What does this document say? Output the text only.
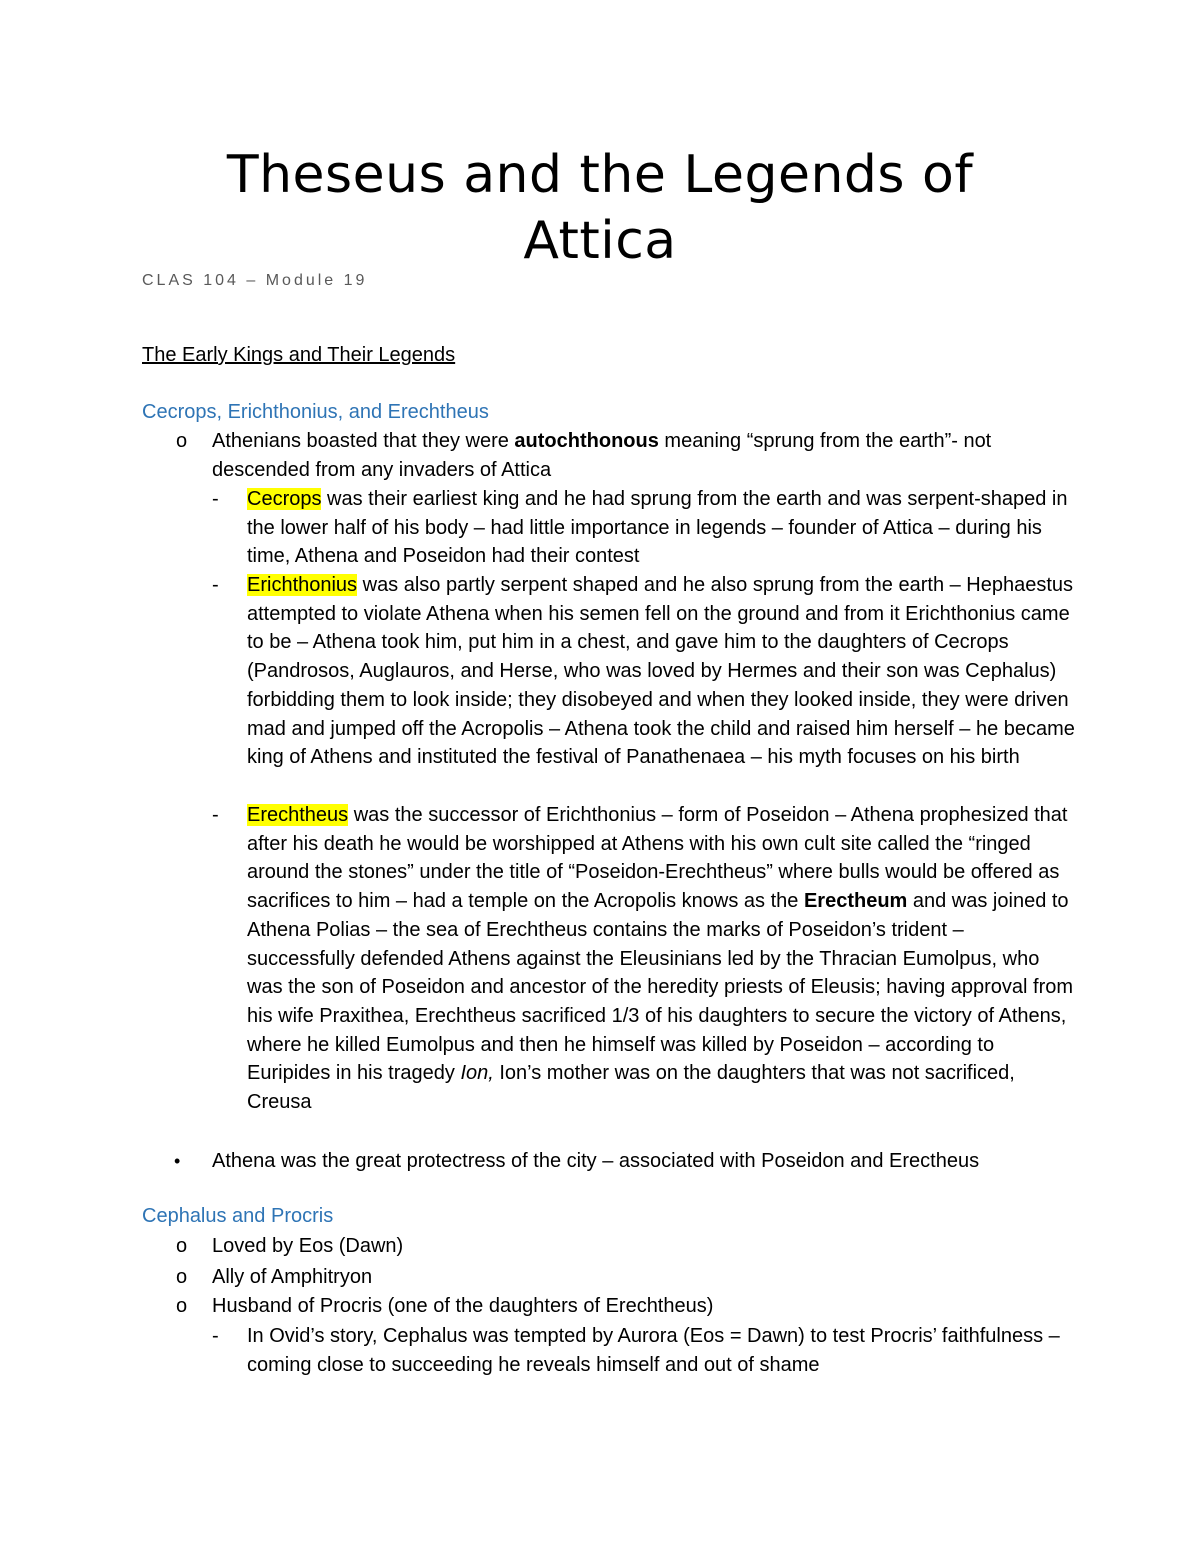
Theseus and the Legends of
Attica
CLAS 104 – Module 19
The Early Kings and Their Legends
Cecrops, Erichthonius, and Erechtheus
o Athenians boasted that they were autochthonous meaning “sprung from the earth”- not descended from any invaders of Attica
- Cecrops was their earliest king and he had sprung from the earth and was serpent-shaped in the lower half of his body – had little importance in legends – founder of Attica – during his time, Athena and Poseidon had their contest
- Erichthonius was also partly serpent shaped and he also sprung from the earth – Hephaestus attempted to violate Athena when his semen fell on the ground and from it Erichthonius came to be – Athena took him, put him in a chest, and gave him to the daughters of Cecrops (Pandrosos, Auglauros, and Herse, who was loved by Hermes and their son was Cephalus) forbidding them to look inside; they disobeyed and when they looked inside, they were driven mad and jumped off the Acropolis – Athena took the child and raised him herself – he became king of Athens and instituted the festival of Panathenaea – his myth focuses on his birth
- Erechtheus was the successor of Erichthonius – form of Poseidon – Athena prophesized that after his death he would be worshipped at Athens with his own cult site called the “ringed around the stones” under the title of “Poseidon-Erechtheus” where bulls would be offered as sacrifices to him – had a temple on the Acropolis knows as the Erectheum and was joined to Athena Polias – the sea of Erechtheus contains the marks of Poseidon’s trident – successfully defended Athens against the Eleusinians led by the Thracian Eumolpus, who was the son of Poseidon and ancestor of the heredity priests of Eleusis; having approval from his wife Praxithea, Erechtheus sacrificed 1/3 of his daughters to secure the victory of Athens, where he killed Eumolpus and then he himself was killed by Poseidon – according to Euripides in his tragedy Ion, Ion’s mother was on the daughters that was not sacrificed, Creusa
• Athena was the great protectress of the city – associated with Poseidon and Erectheus
Cephalus and Procris
o Loved by Eos (Dawn)
o Ally of Amphitryon
o Husband of Procris (one of the daughters of Erechtheus)
- In Ovid’s story, Cephalus was tempted by Aurora (Eos = Dawn) to test Procris’ faithfulness – coming close to succeeding he reveals himself and out of shame
